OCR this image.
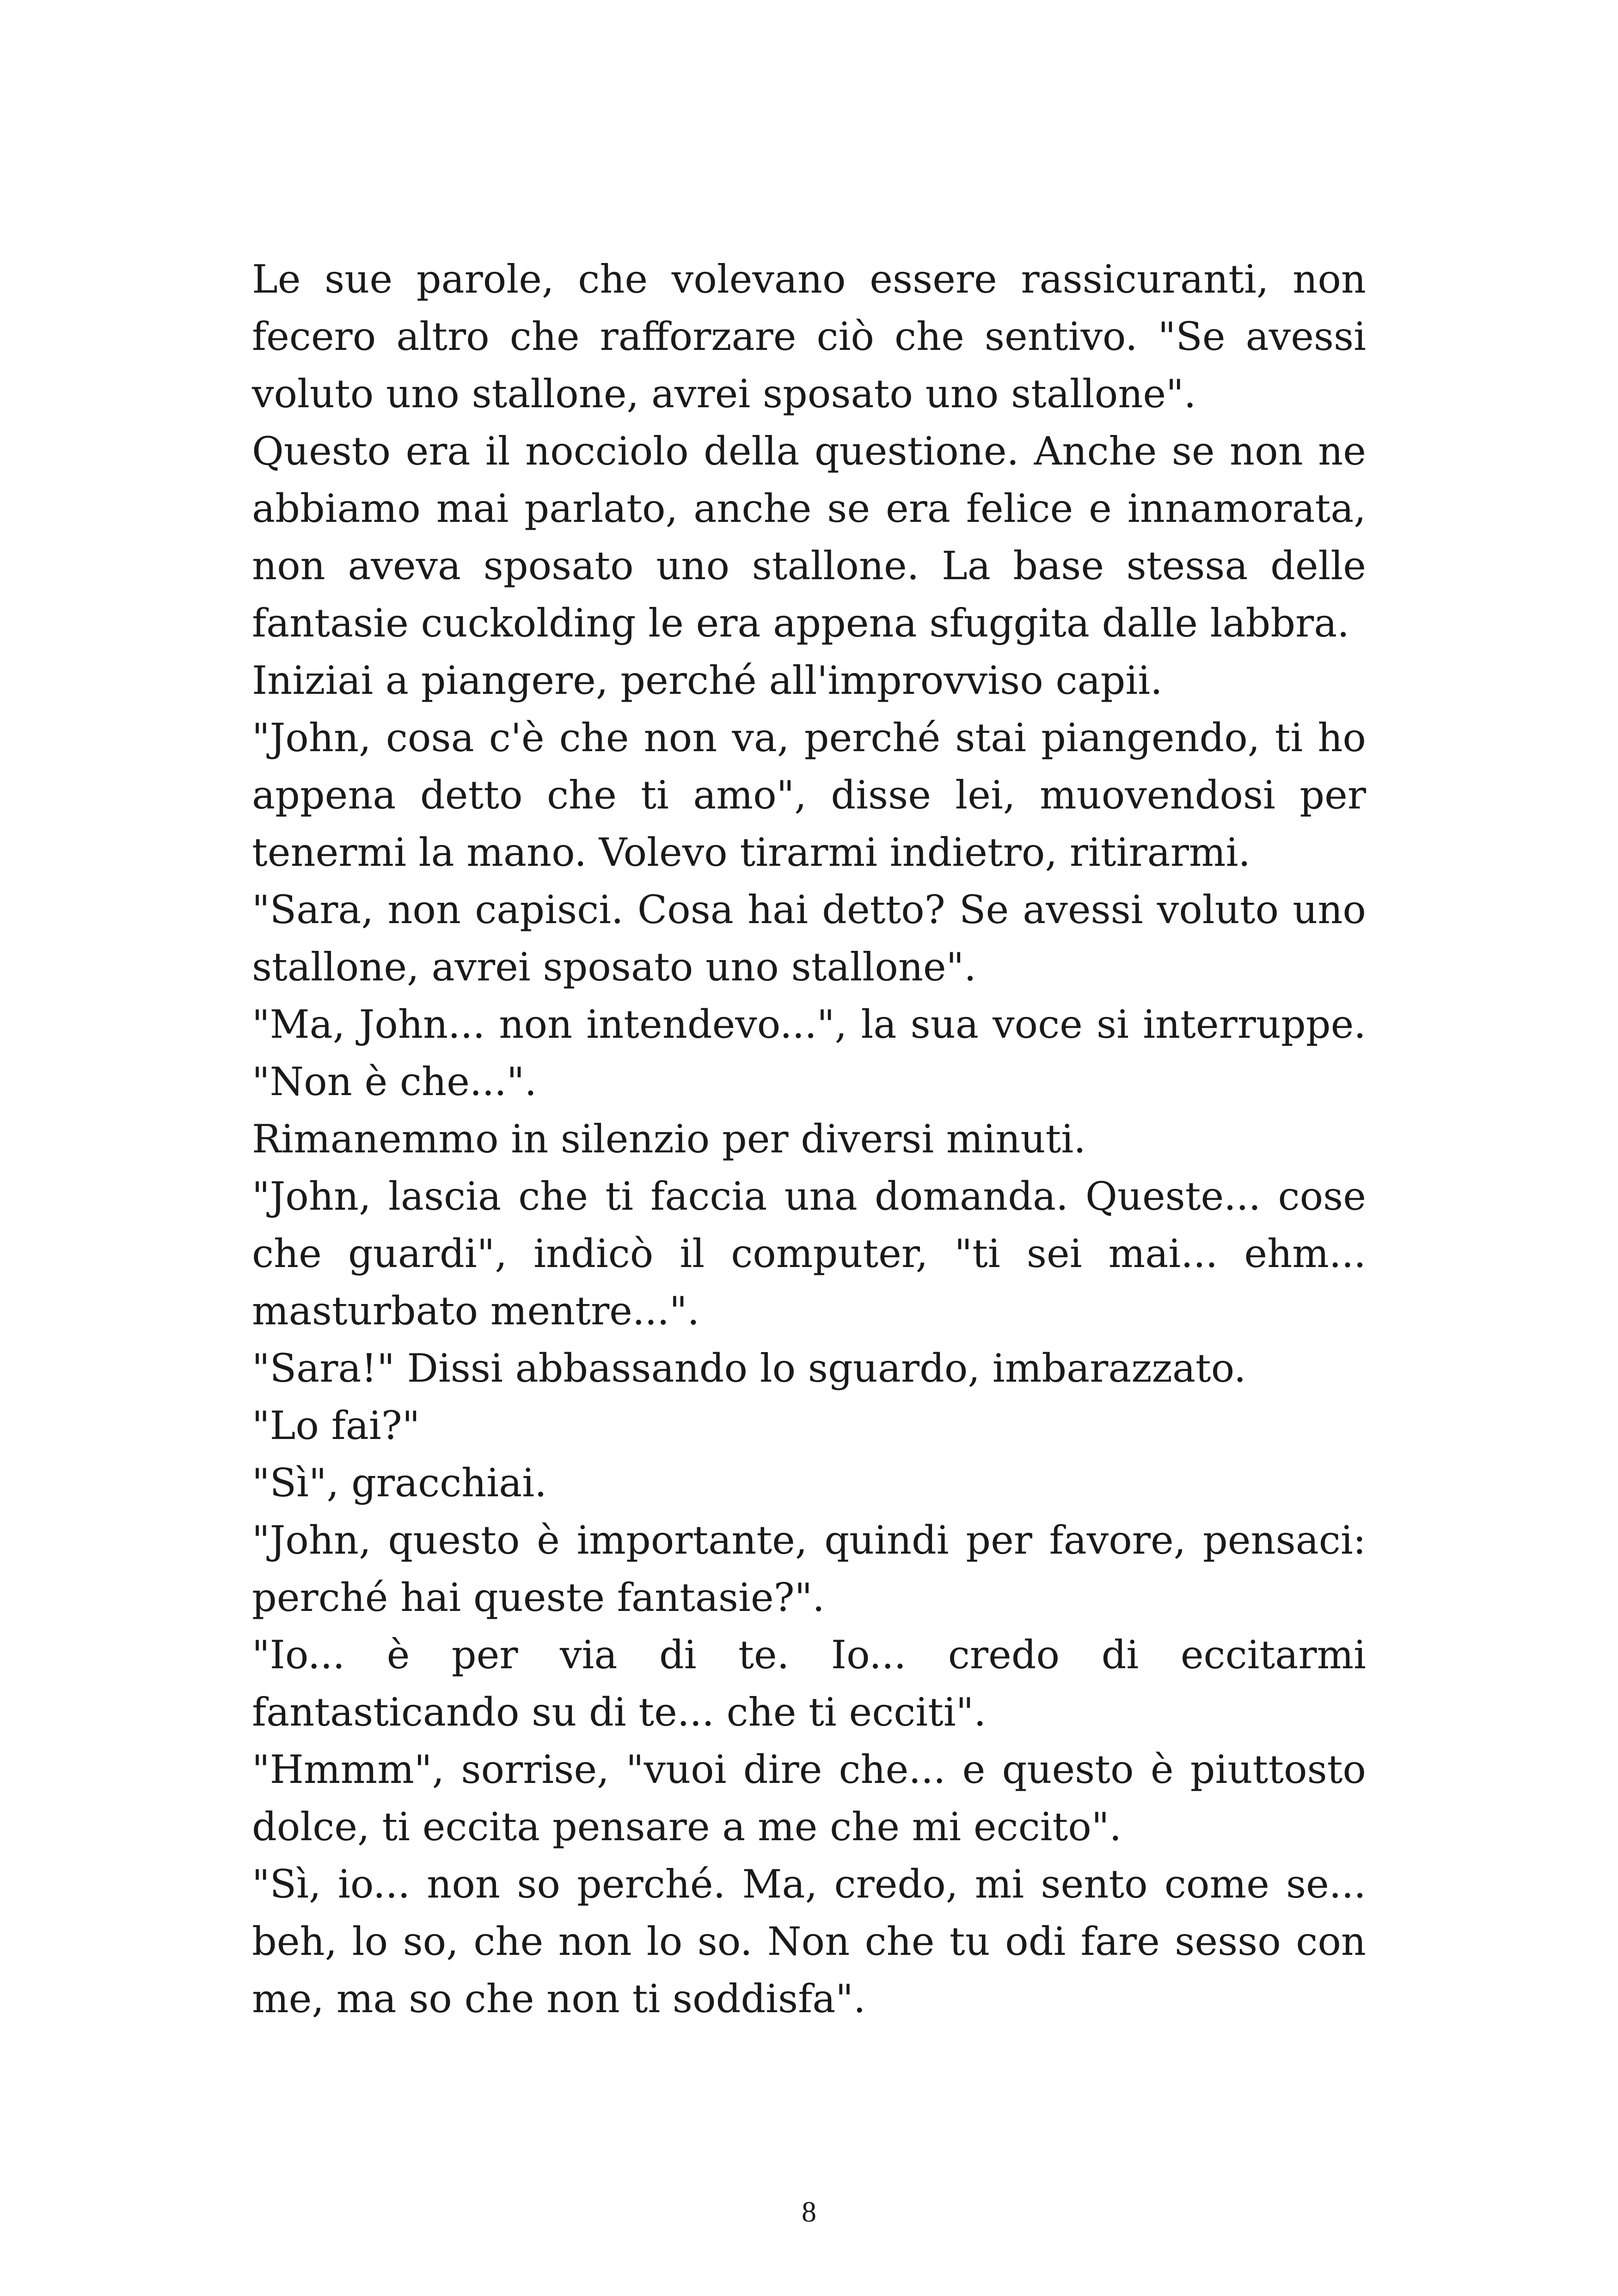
Le sue parole, che volevano essere rassicuranti, non fecero altro che rafforzare ciò che sentivo. "Se avessi voluto uno stallone, avrei sposato uno stallone".

Questo era il nocciolo della questione. Anche se non ne abbiamo mai parlato, anche se era felice e innamorata, non aveva sposato uno stallone. La base stessa delle fantasie cuckolding le era appena sfuggita dalle labbra.

Iniziai a piangere, perché all'improvviso capii.

"John, cosa c'è che non va, perché stai piangendo, ti ho appena detto che ti amo", disse lei, muovendosi per tenermi la mano. Volevo tirarmi indietro, ritirarmi.

"Sara, non capisci. Cosa hai detto? Se avessi voluto uno stallone, avrei sposato uno stallone".

"Ma, John... non intendevo...", la sua voce si interruppe. "Non è che...".

Rimanemmo in silenzio per diversi minuti.

"John, lascia che ti faccia una domanda. Queste... cose che guardi", indicò il computer, "ti sei mai... ehm... masturbato mentre...".

"Sara!" Dissi abbassando lo sguardo, imbarazzato.

"Lo fai?"

"Sì", gracchiai.

"John, questo è importante, quindi per favore, pensaci: perché hai queste fantasie?".

"Io... è per via di te. Io... credo di eccitarmi fantasticando su di te... che ti ecciti".

"Hmmm", sorrise, "vuoi dire che... e questo è piuttosto dolce, ti eccita pensare a me che mi eccito".

"Sì, io... non so perché. Ma, credo, mi sento come se... beh, lo so, che non lo so. Non che tu odi fare sesso con me, ma so che non ti soddisfa".

8
